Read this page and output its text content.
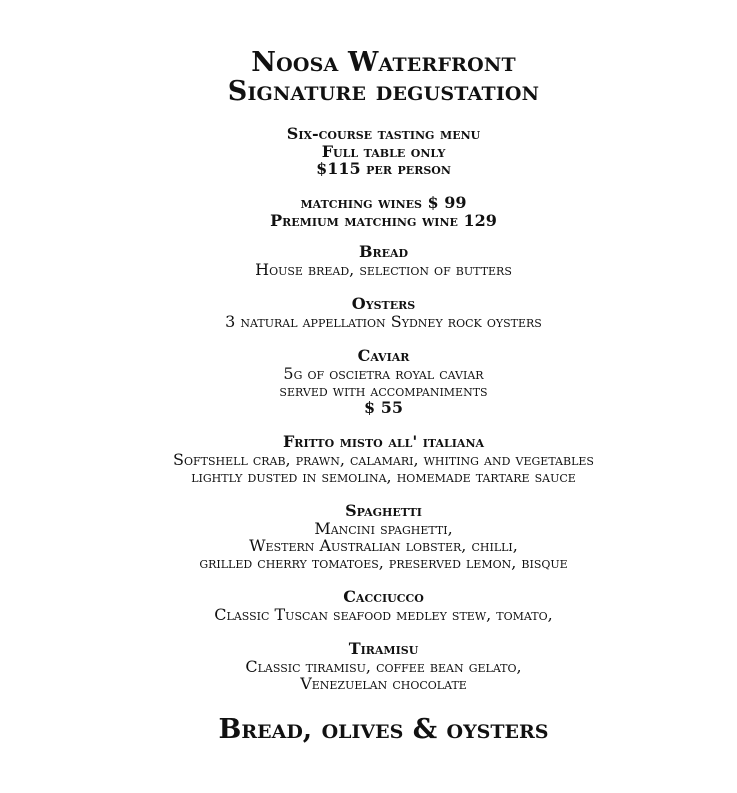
Noosa Waterfront
Signature degustation
Six-course tasting menu
Full table only
$115 per person
matching wines $ 99
Premium matching wine 129
Bread
House bread, selection of butters
Oysters
3 natural appellation Sydney rock oysters
Caviar
5g of oscietra royal caviar
served with accompaniments
$ 55
Fritto misto all' italiana
Softshell crab, prawn, calamari, whiting and vegetables
lightly dusted in semolina, homemade tartare sauce
Spaghetti
Mancini spaghetti,
Western Australian lobster, chilli,
grilled cherry tomatoes, preserved lemon, bisque
Cacciucco
Classic Tuscan seafood medley stew, tomato,
Tiramisu
Classic tiramisu, coffee bean gelato,
Venezuelan chocolate
Bread, olives & oysters
